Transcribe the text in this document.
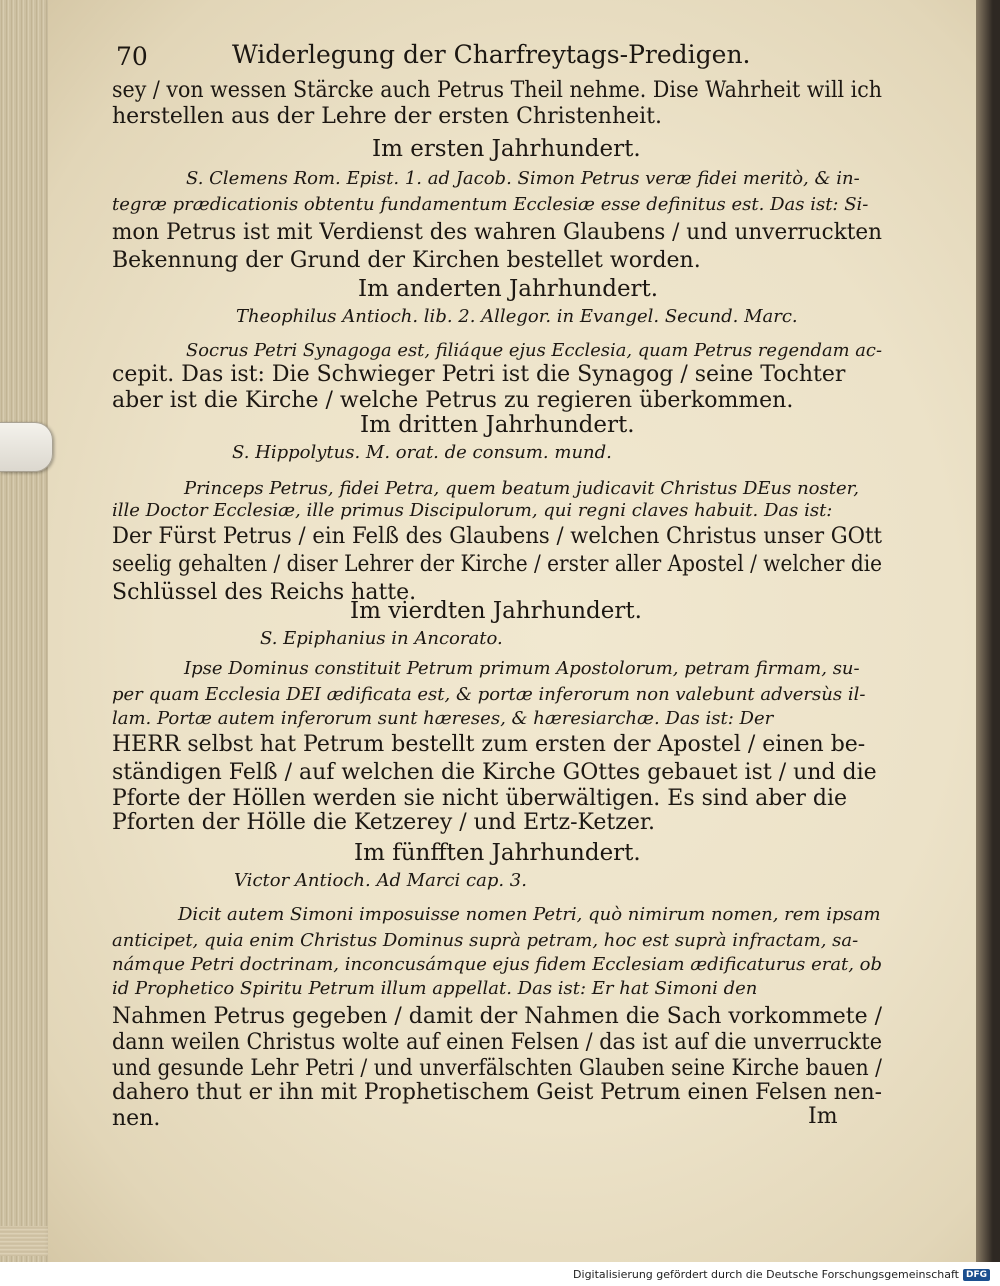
70	Widerlegung der Charfreytags-Predigen.
sey / von wessen Stärcke auch Petrus Theil nehme. Dise Wahrheit will ich
herstellen aus der Lehre der ersten Christenheit.
Im ersten Jahrhundert.
S. Clemens Rom. Epist. 1. ad Jacob. Simon Petrus veræ fidei meritò, & in-
tegræ prædicationis obtentu fundamentum Ecclesiæ esse definitus est. Das ist: Si-
mon Petrus ist mit Verdienst des wahren Glaubens / und unverruckten
Bekennung der Grund der Kirchen bestellet worden.
Im anderten Jahrhundert.
Theophilus Antioch. lib. 2. Allegor. in Evangel. Secund. Marc.
Socrus Petri Synagoga est, filiáque ejus Ecclesia, quam Petrus regendam ac-
cepit. Das ist: Die Schwieger Petri ist die Synagog / seine Tochter
aber ist die Kirche / welche Petrus zu regieren überkommen.
Im dritten Jahrhundert.
S. Hippolytus. M. orat. de consum. mund.
Princeps Petrus, fidei Petra, quem beatum judicavit Christus DEus noster,
ille Doctor Ecclesiæ, ille primus Discipulorum, qui regni claves habuit. Das ist:
Der Fürst Petrus / ein Felß des Glaubens / welchen Christus unser GOtt
seelig gehalten / diser Lehrer der Kirche / erster aller Apostel / welcher die
Schlüssel des Reichs hatte.
Im vierdten Jahrhundert.
S. Epiphanius in Ancorato.
Ipse Dominus constituit Petrum primum Apostolorum, petram firmam, su-
per quam Ecclesia DEI ædificata est, & portæ inferorum non valebunt adversùs il-
lam. Portæ autem inferorum sunt hæreses, & hæresiarchæ. Das ist: Der
HERR selbst hat Petrum bestellt zum ersten der Apostel / einen be-
ständigen Felß / auf welchen die Kirche GOttes gebauet ist / und die
Pforte der Höllen werden sie nicht überwältigen. Es sind aber die
Pforten der Hölle die Ketzerey / und Ertz-Ketzer.
Im fünfften Jahrhundert.
Victor Antioch. Ad Marci cap. 3.
Dicit autem Simoni imposuisse nomen Petri, quò nimirum nomen, rem ipsam
anticipet, quia enim Christus Dominus suprà petram, hoc est suprà infractam, sa-
námque Petri doctrinam, inconcusámque ejus fidem Ecclesiam ædificaturus erat, ob
id Prophetico Spiritu Petrum illum appellat. Das ist: Er hat Simoni den
Nahmen Petrus gegeben / damit der Nahmen die Sach vorkommete /
dann weilen Christus wolte auf einen Felsen / das ist auf die unverruckte
und gesunde Lehr Petri / und unverfälschten Glauben seine Kirche bauen /
dahero thut er ihn mit Prophetischem Geist Petrum einen Felsen nen-
nen.	Im
Digitalisierung gefördert durch die Deutsche Forschungsgemeinschaft DFG
